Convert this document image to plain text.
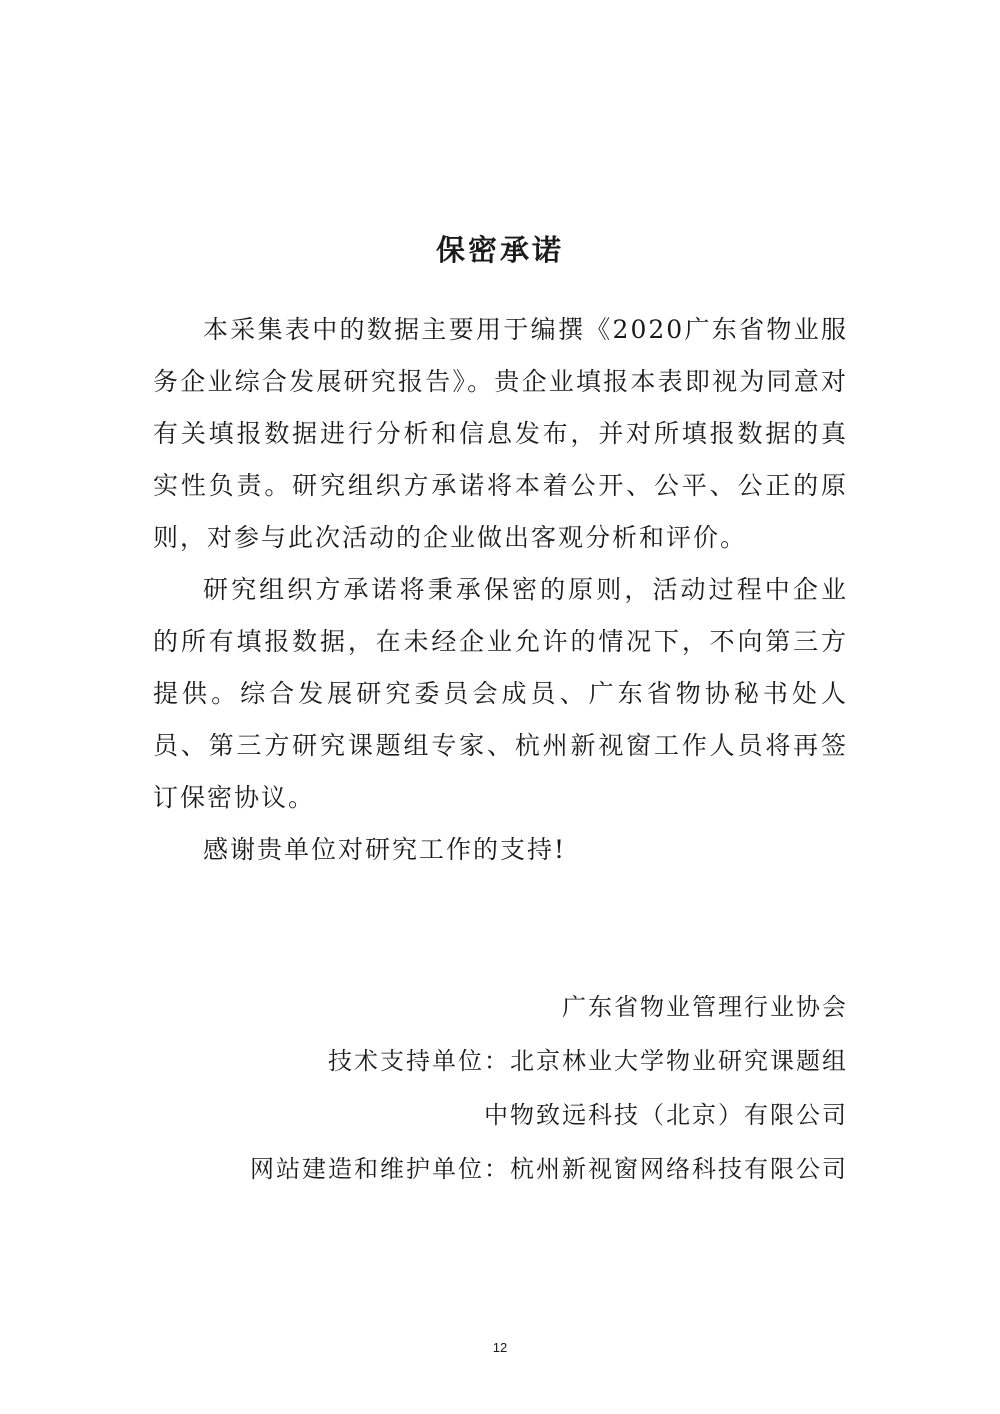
保密承诺

本采集表中的数据主要用于编撰《2020广东省物业服务企业综合发展研究报告》。贵企业填报本表即视为同意对有关填报数据进行分析和信息发布，并对所填报数据的真实性负责。研究组织方承诺将本着公开、公平、公正的原则，对参与此次活动的企业做出客观分析和评价。

研究组织方承诺将秉承保密的原则，活动过程中企业的所有填报数据，在未经企业允许的情况下，不向第三方提供。综合发展研究委员会成员、广东省物协秘书处人员、第三方研究课题组专家、杭州新视窗工作人员将再签订保密协议。

感谢贵单位对研究工作的支持!

广东省物业管理行业协会
技术支持单位：北京林业大学物业研究课题组
中物致远科技（北京）有限公司
网站建造和维护单位：杭州新视窗网络科技有限公司
12
